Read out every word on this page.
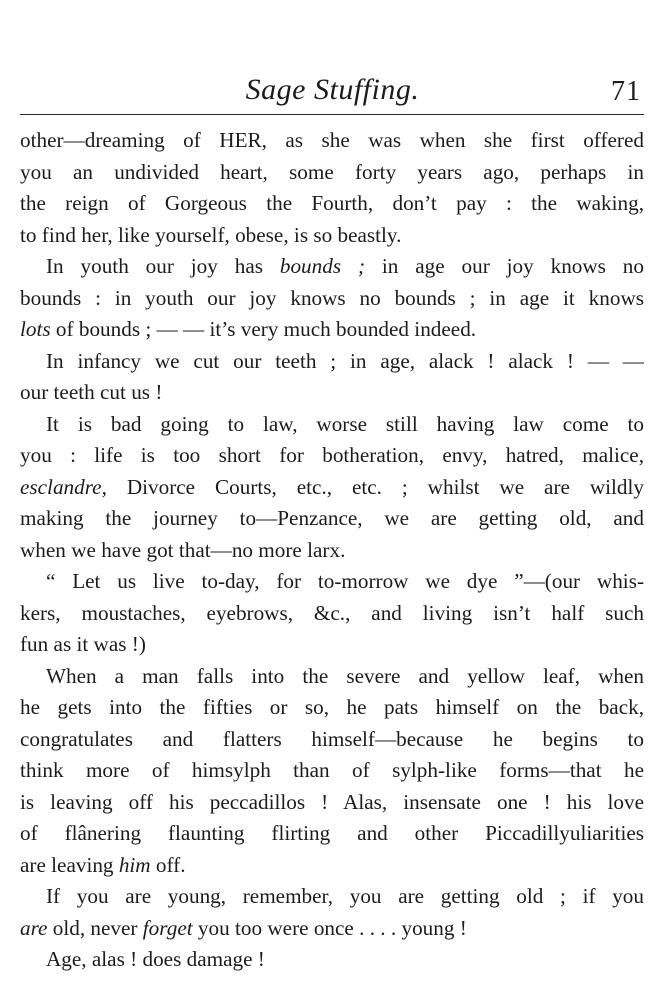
Sage Stuffing.	71
other—dreaming of HER, as she was when she first offered
you an undivided heart, some forty years ago, perhaps in
the reign of Gorgeous the Fourth, don’t pay : the waking,
to find her, like yourself, obese, is so beastly.
In youth our joy has bounds ; in age our joy knows no
bounds : in youth our joy knows no bounds ; in age it knows
lots of bounds ; — — it’s very much bounded indeed.
In infancy we cut our teeth ; in age, alack ! alack ! — —
our teeth cut us !
It is bad going to law, worse still having law come to
you : life is too short for botheration, envy, hatred, malice,
esclandre, Divorce Courts, etc., etc. ; whilst we are wildly
making the journey to—Penzance, we are getting old, and
when we have got that—no more larx.
“ Let us live to-day, for to-morrow we dye ”—(our whis-
kers, moustaches, eyebrows, &c., and living isn’t half such
fun as it was !)
When a man falls into the severe and yellow leaf, when
he gets into the fifties or so, he pats himself on the back,
congratulates and flatters himself—because he begins to
think more of himsylph than of sylph-like forms—that he
is leaving off his peccadillos ! Alas, insensate one ! his love
of flânering flaunting flirting and other Piccadillyuliarities
are leaving him off.
If you are young, remember, you are getting old ; if you
are old, never forget you too were once . . . . young !
Age, alas ! does damage !
